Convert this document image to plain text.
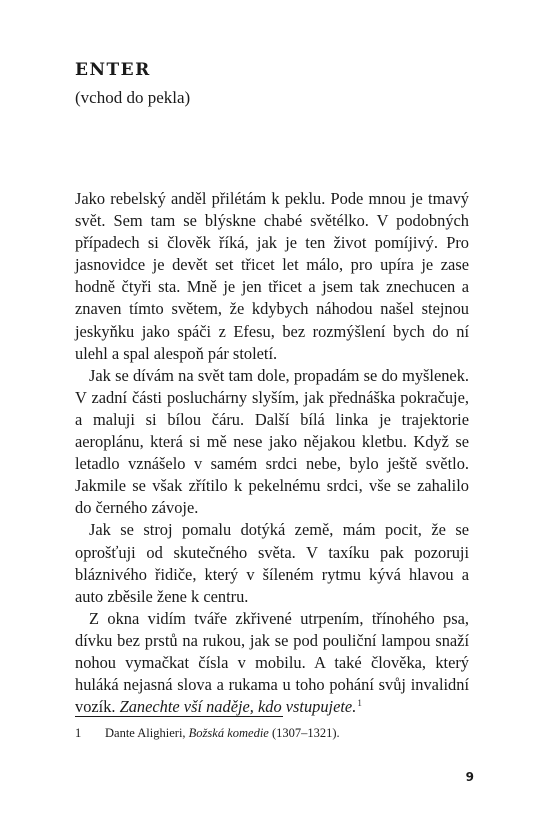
ENTER
(vchod do pekla)

Jako rebelský anděl přilétám k peklu. Pode mnou je tmavý svět. Sem tam se blýskne chabé světélko. V podobných případech si člověk říká, jak je ten život pomíjivý. Pro jasnovidce je devět set třicet let málo, pro upíra je zase hodně čtyři sta. Mně je jen třicet a jsem tak znechucen a znaven tímto světem, že kdybych náhodou našel stejnou jeskyňku jako spáči z Efesu, bez rozmýšlení bych do ní ulehl a spal alespoň pár století.

Jak se dívám na svět tam dole, propadám se do myšlenek. V zadní části posluchárny slyším, jak přednáška pokračuje, a maluji si bílou čáru. Další bílá linka je trajektorie aeroplánu, která si mě nese jako nějakou kletbu. Když se letadlo vznášelo v samém srdci nebe, bylo ještě světlo. Jakmile se však zřítilo k pekelnému srdci, vše se zahalilo do černého závoje.

Jak se stroj pomalu dotýká země, mám pocit, že se oprošťuji od skutečného světa. V taxíku pak pozoruji bláznivého řidiče, který v šíleném rytmu kývá hlavou a auto zběsile žene k centru.

Z okna vidím tváře zkřivené utrpením, třínohého psa, dívku bez prstů na rukou, jak se pod pouliční lampou snaží nohou vymačkat čísla v mobilu. A také člověka, který huláká nejasná slova a rukama u toho pohání svůj invalidní vozík. Zanechte vší naděje, kdo vstupujete.$^1$

1 Dante Alighieri, Božská komedie (1307–1321).
9
